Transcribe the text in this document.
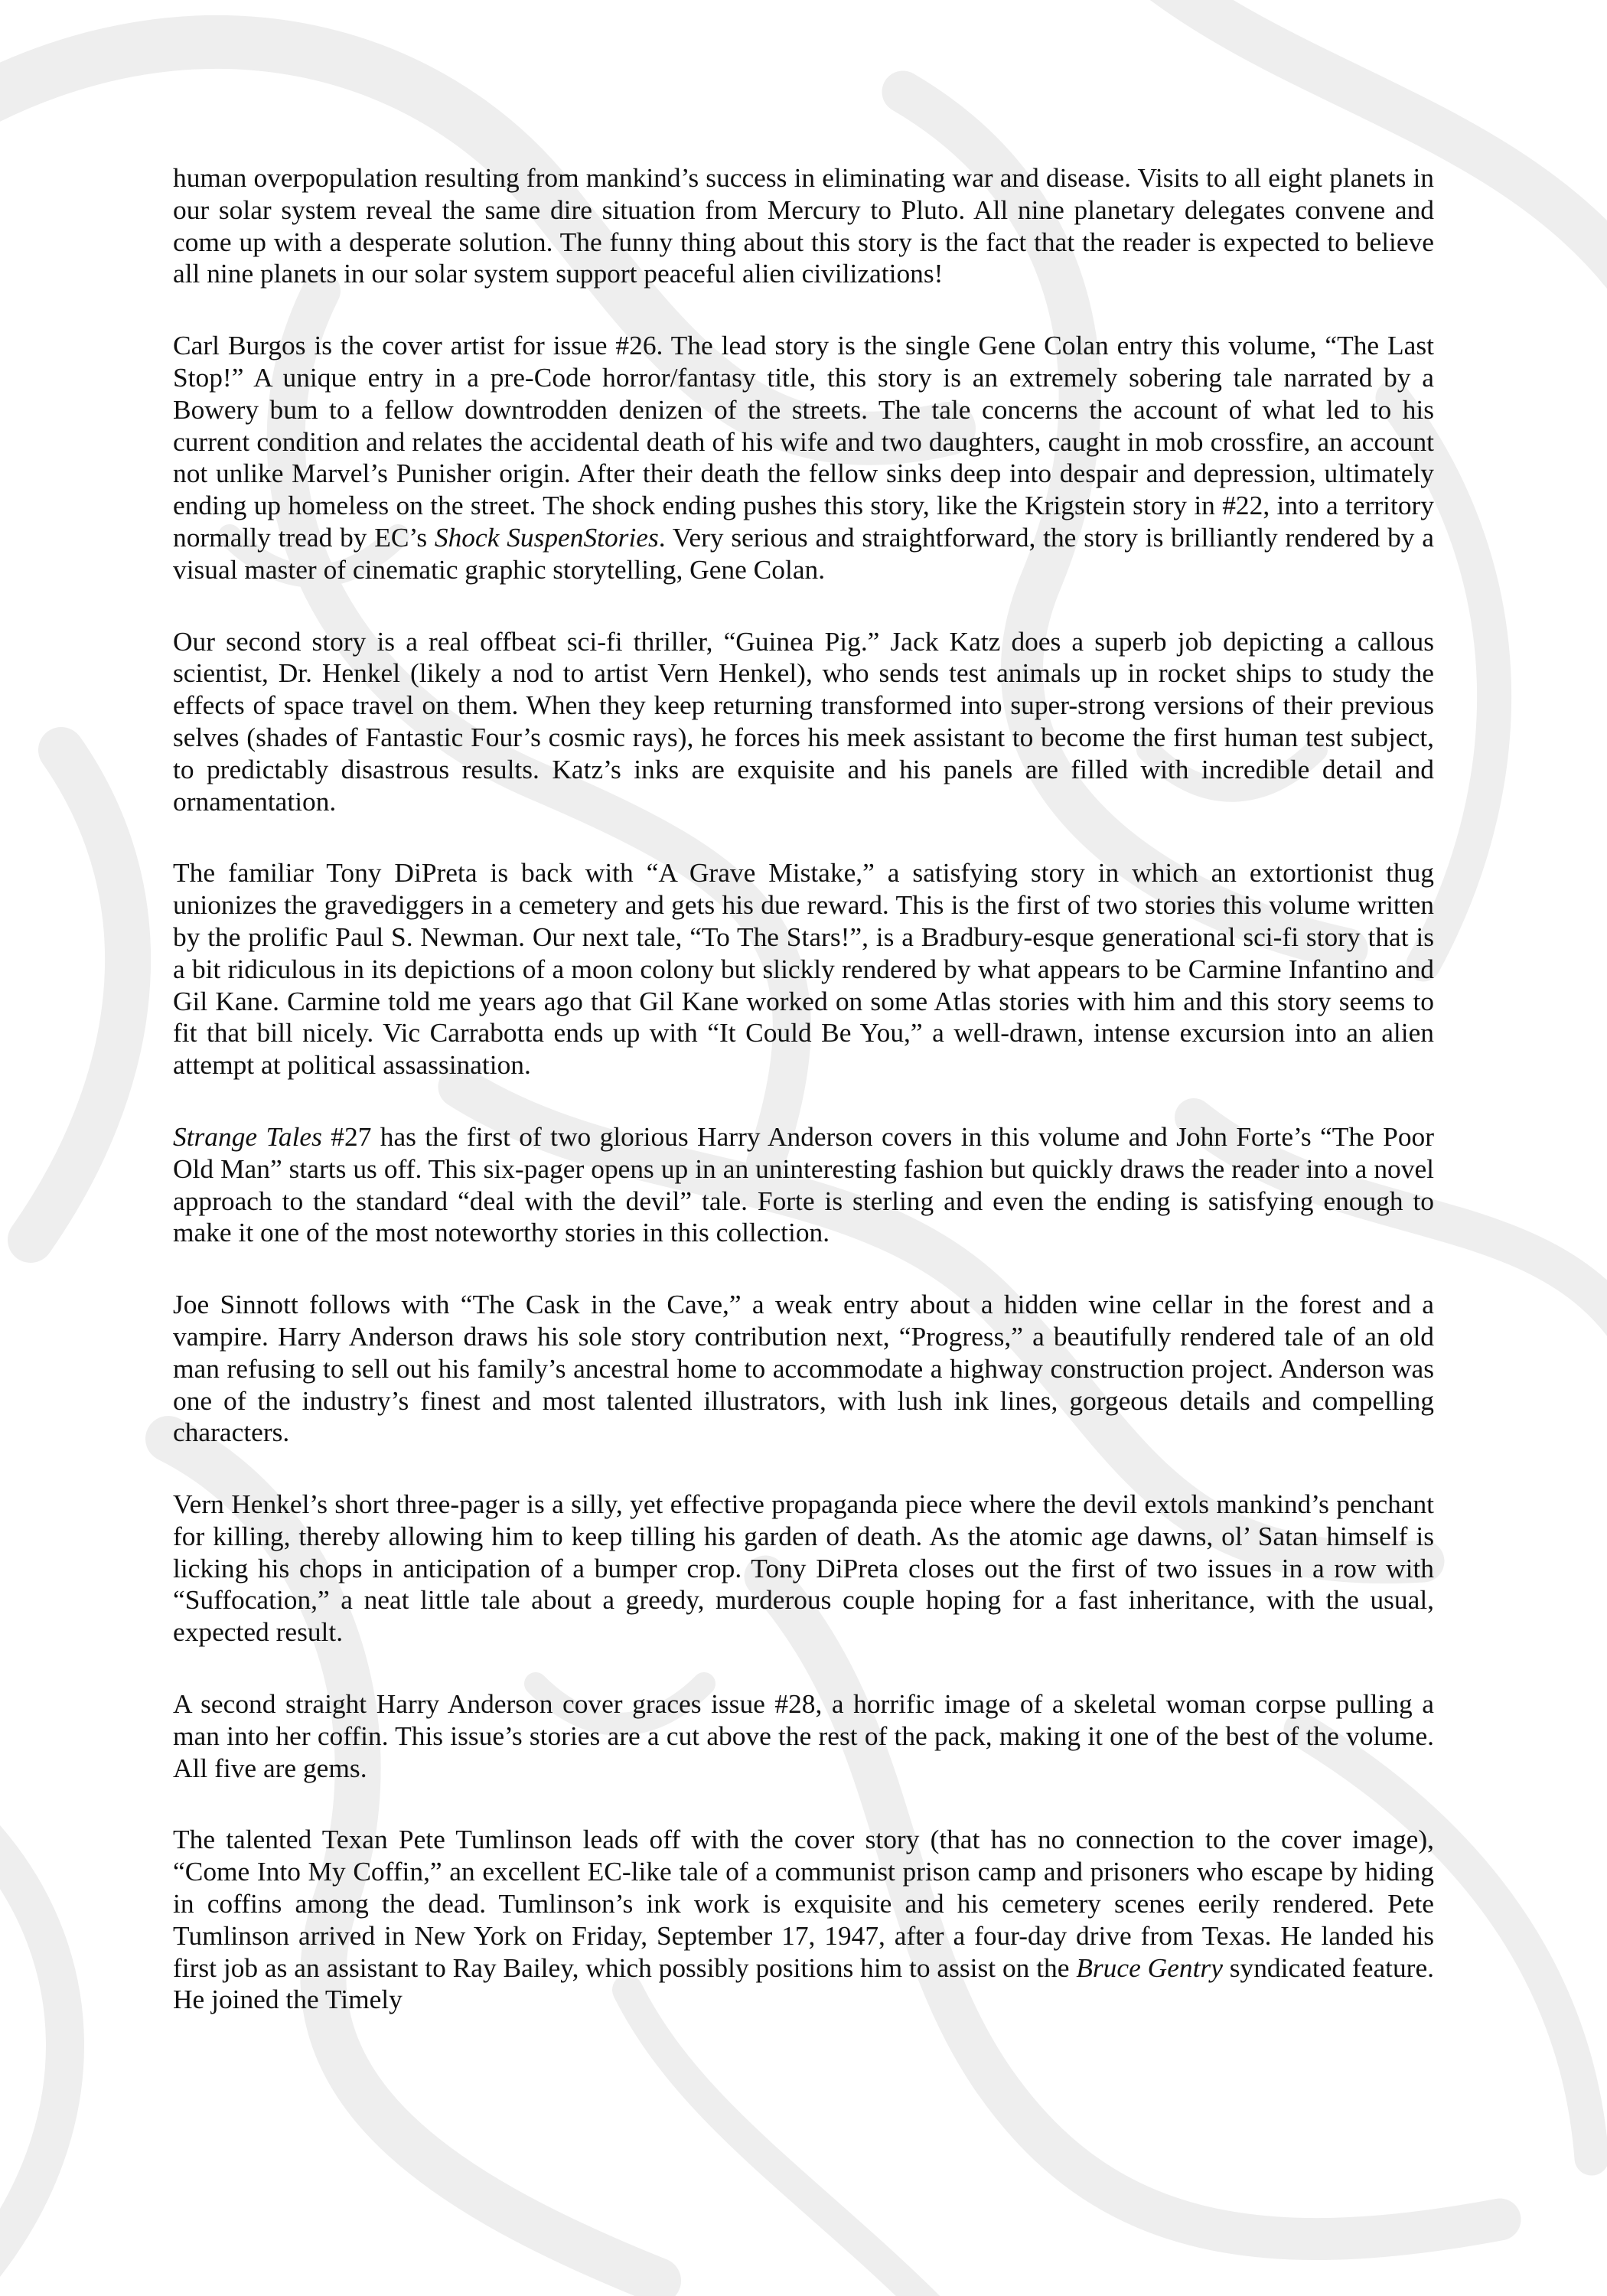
human overpopulation resulting from mankind’s success in eliminating war and disease. Visits to all eight planets in our solar system reveal the same dire situation from Mercury to Pluto. All nine planetary delegates convene and come up with a desperate solution. The funny thing about this story is the fact that the reader is expected to believe all nine planets in our solar system support peaceful alien civilizations!

Carl Burgos is the cover artist for issue #26. The lead story is the single Gene Colan entry this volume, “The Last Stop!” A unique entry in a pre-Code horror/fantasy title, this story is an extremely sobering tale narrated by a Bowery bum to a fellow downtrodden denizen of the streets. The tale concerns the account of what led to his current condition and relates the accidental death of his wife and two daughters, caught in mob crossfire, an account not unlike Marvel’s Punisher origin. After their death the fellow sinks deep into despair and depression, ultimately ending up homeless on the street. The shock ending pushes this story, like the Krigstein story in #22, into a territory normally tread by EC’s Shock SuspenStories. Very serious and straightforward, the story is brilliantly rendered by a visual master of cinematic graphic storytelling, Gene Colan.

Our second story is a real offbeat sci-fi thriller, “Guinea Pig.” Jack Katz does a superb job depicting a callous scientist, Dr. Henkel (likely a nod to artist Vern Henkel), who sends test animals up in rocket ships to study the effects of space travel on them. When they keep returning transformed into super-strong versions of their previous selves (shades of Fantastic Four’s cosmic rays), he forces his meek assistant to become the first human test subject, to predictably disastrous results. Katz’s inks are exquisite and his panels are filled with incredible detail and ornamentation.

The familiar Tony DiPreta is back with “A Grave Mistake,” a satisfying story in which an extortionist thug unionizes the gravediggers in a cemetery and gets his due reward. This is the first of two stories this volume written by the prolific Paul S. Newman. Our next tale, “To The Stars!”, is a Bradbury-esque generational sci-fi story that is a bit ridiculous in its depictions of a moon colony but slickly rendered by what appears to be Carmine Infantino and Gil Kane. Carmine told me years ago that Gil Kane worked on some Atlas stories with him and this story seems to fit that bill nicely. Vic Carrabotta ends up with “It Could Be You,” a well-drawn, intense excursion into an alien attempt at political assassination.

Strange Tales #27 has the first of two glorious Harry Anderson covers in this volume and John Forte’s “The Poor Old Man” starts us off. This six-pager opens up in an uninteresting fashion but quickly draws the reader into a novel approach to the standard “deal with the devil” tale. Forte is sterling and even the ending is satisfying enough to make it one of the most noteworthy stories in this collection.

Joe Sinnott follows with “The Cask in the Cave,” a weak entry about a hidden wine cellar in the forest and a vampire. Harry Anderson draws his sole story contribution next, “Progress,” a beautifully rendered tale of an old man refusing to sell out his family’s ancestral home to accommodate a highway construction project. Anderson was one of the industry’s finest and most talented illustrators, with lush ink lines, gorgeous details and compelling characters.

Vern Henkel’s short three-pager is a silly, yet effective propaganda piece where the devil extols mankind’s penchant for killing, thereby allowing him to keep tilling his garden of death. As the atomic age dawns, ol’ Satan himself is licking his chops in anticipation of a bumper crop. Tony DiPreta closes out the first of two issues in a row with “Suffocation,” a neat little tale about a greedy, murderous couple hoping for a fast inheritance, with the usual, expected result.

A second straight Harry Anderson cover graces issue #28, a horrific image of a skeletal woman corpse pulling a man into her coffin. This issue’s stories are a cut above the rest of the pack, making it one of the best of the volume. All five are gems.

The talented Texan Pete Tumlinson leads off with the cover story (that has no connection to the cover image), “Come Into My Coffin,” an excellent EC-like tale of a communist prison camp and prisoners who escape by hiding in coffins among the dead. Tumlinson’s ink work is exquisite and his cemetery scenes eerily rendered. Pete Tumlinson arrived in New York on Friday, September 17, 1947, after a four-day drive from Texas. He landed his first job as an assistant to Ray Bailey, which possibly positions him to assist on the Bruce Gentry syndicated feature. He joined the Timely
